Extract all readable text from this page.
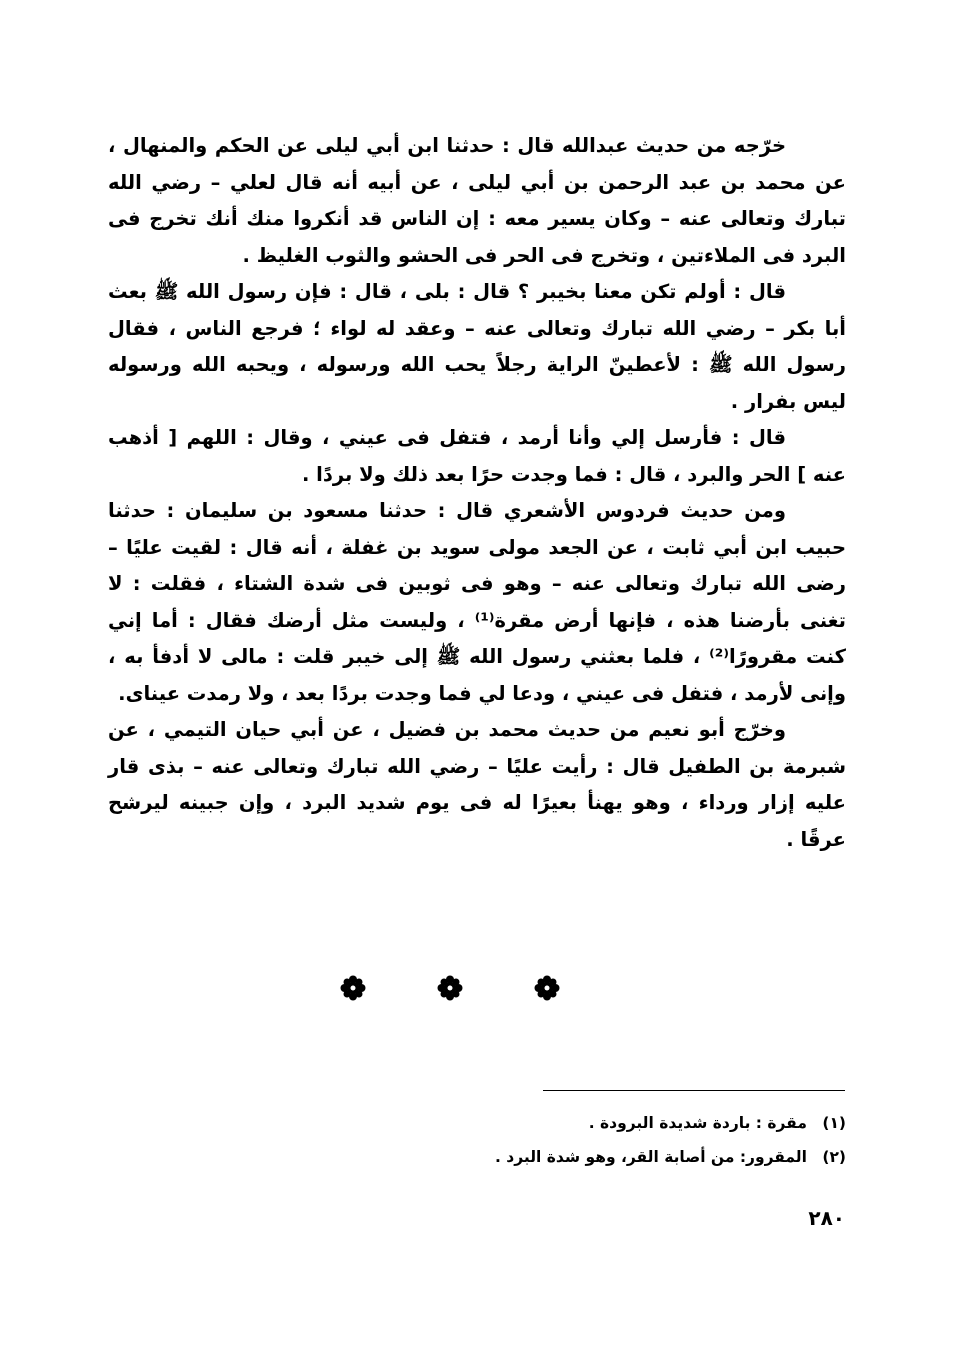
خرّجه من حديث عبدالله قال : حدثنا ابن أبي ليلى عن الحكم والمنهال ، عن محمد بن عبد الرحمن بن أبي ليلى ، عن أبيه أنه قال لعلي – رضي الله تبارك وتعالى عنه – وكان يسير معه : إن الناس قد أنكروا منك أنك تخرج فى البرد فى الملاءتين ، وتخرج فى الحر فى الحشو والثوب الغليظ .

قال : أولم تكن معنا بخيبر ؟ قال : بلى ، قال : فإن رسول الله ﷺ بعث أبا بكر – رضي الله تبارك وتعالى عنه – وعقد له لواء ؛ فرجع الناس ، فقال رسول الله ﷺ : لأعطينّ الراية رجلاً يحب الله ورسوله ، ويحبه الله ورسوله ليس بفرار .

قال : فأرسل إلي وأنا أرمد ، فتفل فى عيني ، وقال : اللهم [ أذهب عنه ] الحر والبرد ، قال : فما وجدت حرًا بعد ذلك ولا بردًا .

ومن حديث فردوس الأشعري قال : حدثنا مسعود بن سليمان : حدثنا حبيب ابن أبي ثابت ، عن الجعد مولى سويد بن غفلة ، أنه قال : لقيت عليًا – رضى الله تبارك وتعالى عنه – وهو فى ثوبين فى شدة الشتاء ، فقلت : لا تغنى بأرضنا هذه ، فإنها أرض مقرة⁽¹⁾ ، وليست مثل أرضك فقال : أما إني كنت مقرورًا⁽²⁾ ، فلما بعثني رسول الله ﷺ إلى خيبر قلت : مالى لا أدفأ به ، وإنى لأرمد ، فتفل فى عيني ، ودعا لي فما وجدت بردًا بعد ، ولا رمدت عيناى.

وخرّج أبو نعيم من حديث محمد بن فضيل ، عن أبي حيان التيمي ، عن شبرمة بن الطفيل قال : رأيت عليًا – رضي الله تبارك وتعالى عنه – بذى قار عليه إزار ورداء ، وهو يهنأ بعيرًا له فى يوم شديد البرد ، وإن جبينه ليرشح عرقًا .

(١) مقرة : باردة شديدة البرودة .

(٢) المقرور: من أصابة القر، وهو شدة البرد .

٢٨٠
